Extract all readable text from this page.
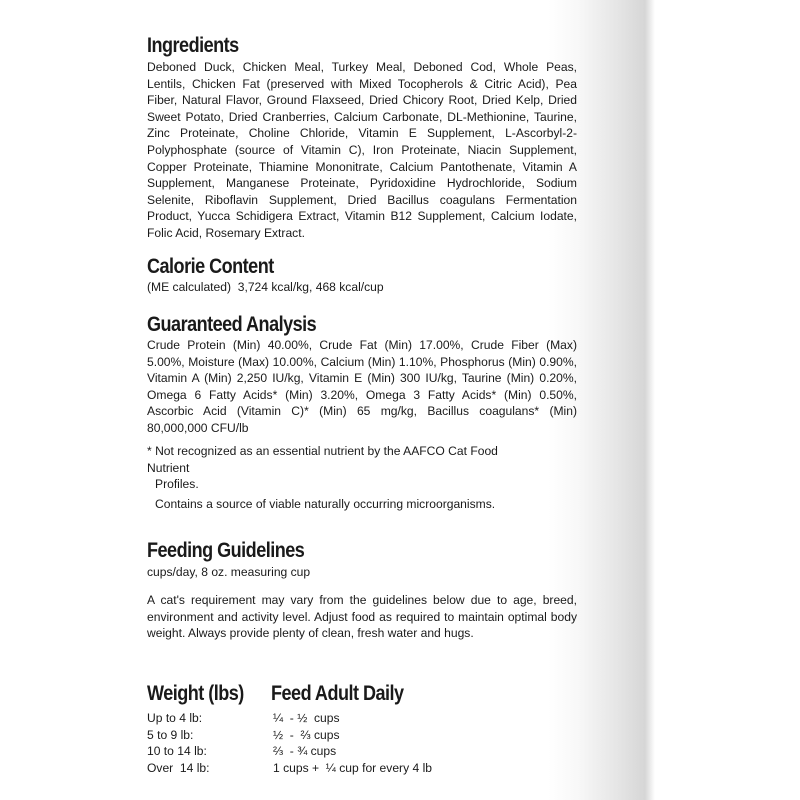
Ingredients

Deboned Duck, Chicken Meal, Turkey Meal, Deboned Cod, Whole Peas, Lentils, Chicken Fat (preserved with Mixed Tocopherols & Citric Acid), Pea Fiber, Natural Flavor, Ground Flaxseed, Dried Chicory Root, Dried Kelp, Dried Sweet Potato, Dried Cranberries, Calcium Carbonate, DL-Methionine, Taurine, Zinc Proteinate, Choline Chloride, Vitamin E Supplement, L-Ascorbyl-2-Polyphosphate (source of Vitamin C), Iron Proteinate, Niacin Supplement, Copper Proteinate, Thiamine Mononitrate, Calcium Pantothenate, Vitamin A Supplement, Manganese Proteinate, Pyridoxidine Hydrochloride, Sodium Selenite, Riboflavin Supplement, Dried Bacillus coagulans Fermentation Product, Yucca Schidigera Extract, Vitamin B12 Supplement, Calcium Iodate, Folic Acid, Rosemary Extract.

Calorie Content

(ME calculated)  3,724 kcal/kg, 468 kcal/cup

Guaranteed Analysis

Crude Protein (Min) 40.00%, Crude Fat (Min) 17.00%, Crude Fiber (Max) 5.00%, Moisture (Max) 10.00%, Calcium (Min) 1.10%, Phosphorus (Min) 0.90%, Vitamin A (Min) 2,250 IU/kg, Vitamin E (Min) 300 IU/kg, Taurine (Min) 0.20%, Omega 6 Fatty Acids* (Min) 3.20%, Omega 3 Fatty Acids* (Min) 0.50%, Ascorbic Acid (Vitamin C)* (Min) 65 mg/kg, Bacillus coagulans* (Min) 80,000,000 CFU/lb

* Not recognized as an essential nutrient by the AAFCO Cat Food

Nutrient

Profiles.

Contains a source of viable naturally occurring microorganisms.

Feeding Guidelines

cups/day, 8 oz. measuring cup

A cat's requirement may vary from the guidelines below due to age, breed, environment and activity level. Adjust food as required to maintain optimal body weight. Always provide plenty of clean, fresh water and hugs.

Weight (lbs) Feed Adult Daily
Up to 4 lb:	¼  - ½  cups
5 to 9 lb:	½  -  ⅔ cups
10 to 14 lb:	⅔  - ¾ cups
Over  14 lb:	1 cups +  ¼ cup for every 4 lb
